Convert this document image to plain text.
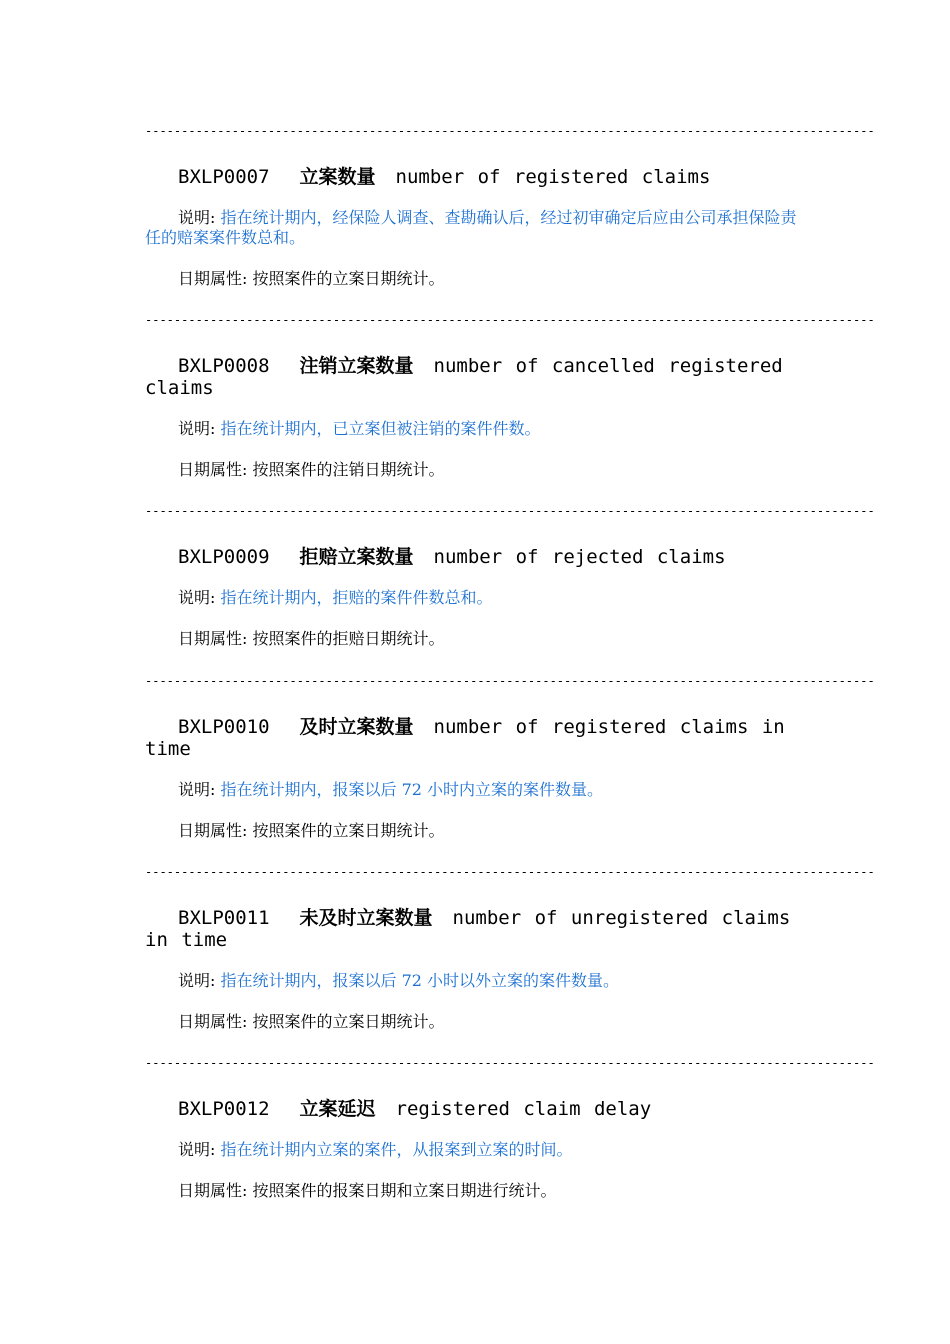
-----------------------------------------------------------------------------------------------------
BXLP0007 立案数量 number of registered claims
说明: 指在统计期内，经保险人调查、查勘确认后，经过初审确定后应由公司承担保险责任的赔案案件数总和。
日期属性: 按照案件的立案日期统计。
-----------------------------------------------------------------------------------------------------
BXLP0008 注销立案数量 number of cancelled registered claims
说明: 指在统计期内，已立案但被注销的案件件数。
日期属性: 按照案件的注销日期统计。
-----------------------------------------------------------------------------------------------------
BXLP0009 拒赔立案数量 number of rejected claims
说明: 指在统计期内，拒赔的案件件数总和。
日期属性: 按照案件的拒赔日期统计。
-----------------------------------------------------------------------------------------------------
BXLP0010 及时立案数量 number of registered claims in time
说明: 指在统计期内，报案以后 72 小时内立案的案件数量。
日期属性: 按照案件的立案日期统计。
-----------------------------------------------------------------------------------------------------
BXLP0011 未及时立案数量 number of unregistered claims in time
说明: 指在统计期内，报案以后 72 小时以外立案的案件数量。
日期属性: 按照案件的立案日期统计。
-----------------------------------------------------------------------------------------------------
BXLP0012 立案延迟 registered claim delay
说明: 指在统计期内立案的案件，从报案到立案的时间。
日期属性: 按照案件的报案日期和立案日期进行统计。
